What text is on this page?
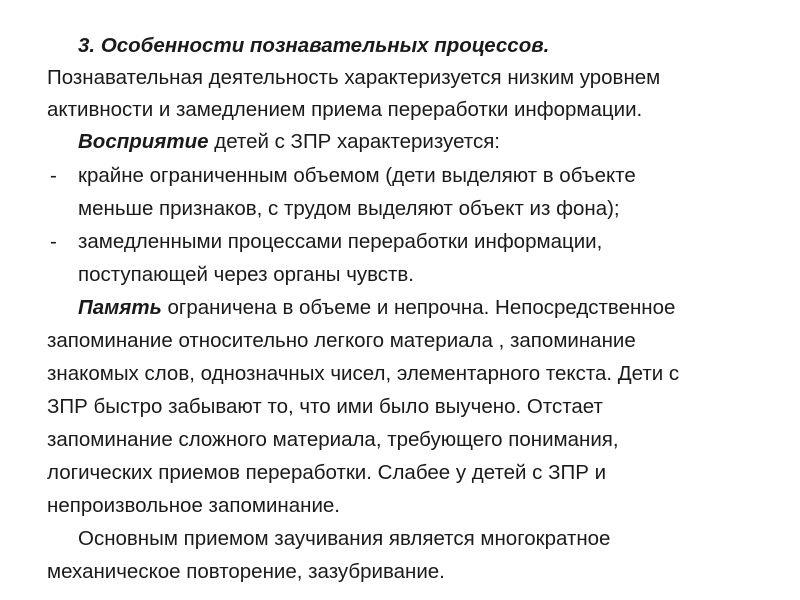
3. Особенности познавательных процессов.
Познавательная деятельность характеризуется низким уровнем
активности и замедлением приема переработки информации.
Восприятие детей с ЗПР характеризуется:
- крайне ограниченным объемом (дети выделяют в объекте
меньше признаков, с трудом выделяют объект из фона);
- замедленными процессами переработки информации,
поступающей через органы чувств.
Память ограничена в объеме и непрочна. Непосредственное
запоминание относительно легкого материала , запоминание
знакомых слов, однозначных чисел, элементарного текста. Дети с
ЗПР быстро забывают то, что ими было выучено. Отстает
запоминание сложного материала, требующего понимания,
логических приемов переработки. Слабее у детей с ЗПР и
непроизвольное запоминание.
Основным приемом заучивания является многократное
механическое повторение, зазубривание.
